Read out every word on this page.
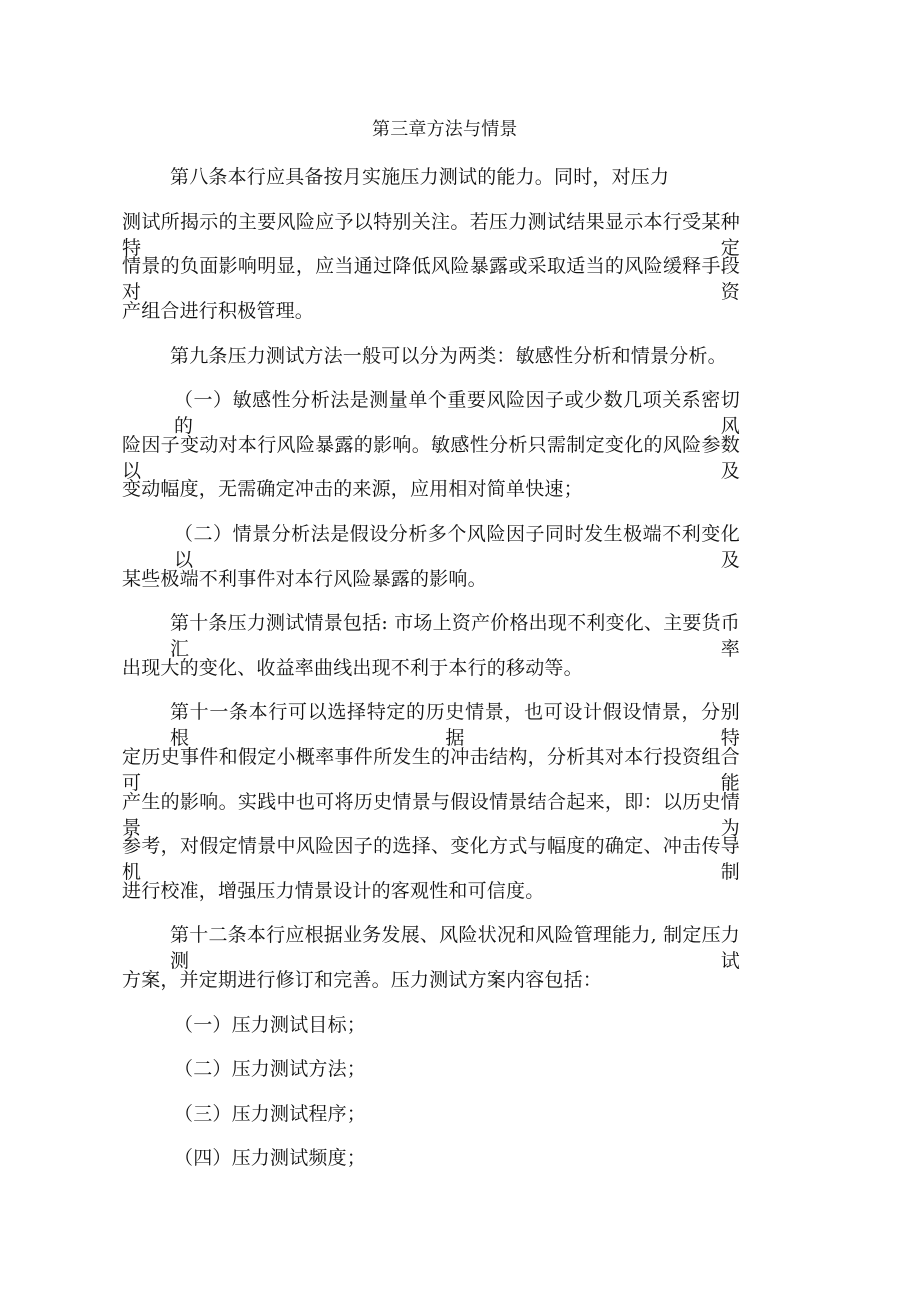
第三章方法与情景
第八条本行应具备按月实施压力测试的能力。同时，对压力
测试所揭示的主要风险应予以特别关注。若压力测试结果显示本行受某种特定
情景的负面影响明显，应当通过降低风险暴露或采取适当的风险缓释手段对资
产组合进行积极管理。
第九条压力测试方法一般可以分为两类：敏感性分析和情景分析。
（一）敏感性分析法是测量单个重要风险因子或少数几项关系密切的风
险因子变动对本行风险暴露的影响。敏感性分析只需制定变化的风险参数以及
变动幅度，无需确定冲击的来源，应用相对简单快速；
（二）情景分析法是假设分析多个风险因子同时发生极端不利变化以及
某些极端不利事件对本行风险暴露的影响。
第十条压力测试情景包括: 市场上资产价格出现不利变化、主要货币汇率
出现大的变化、收益率曲线出现不利于本行的移动等。
第十一条本行可以选择特定的历史情景，也可设计假设情景，分别根据特
定历史事件和假定小概率事件所发生的冲击结构，分析其对本行投资组合可能
产生的影响。实践中也可将历史情景与假设情景结合起来，即：以历史情景为
参考，对假定情景中风险因子的选择、变化方式与幅度的确定、冲击传导机制
进行校准，增强压力情景设计的客观性和可信度。
第十二条本行应根据业务发展、风险状况和风险管理能力, 制定压力测试
方案，并定期进行修订和完善。压力测试方案内容包括：
（一）压力测试目标；
（二）压力测试方法；
（三）压力测试程序；
（四）压力测试频度；
